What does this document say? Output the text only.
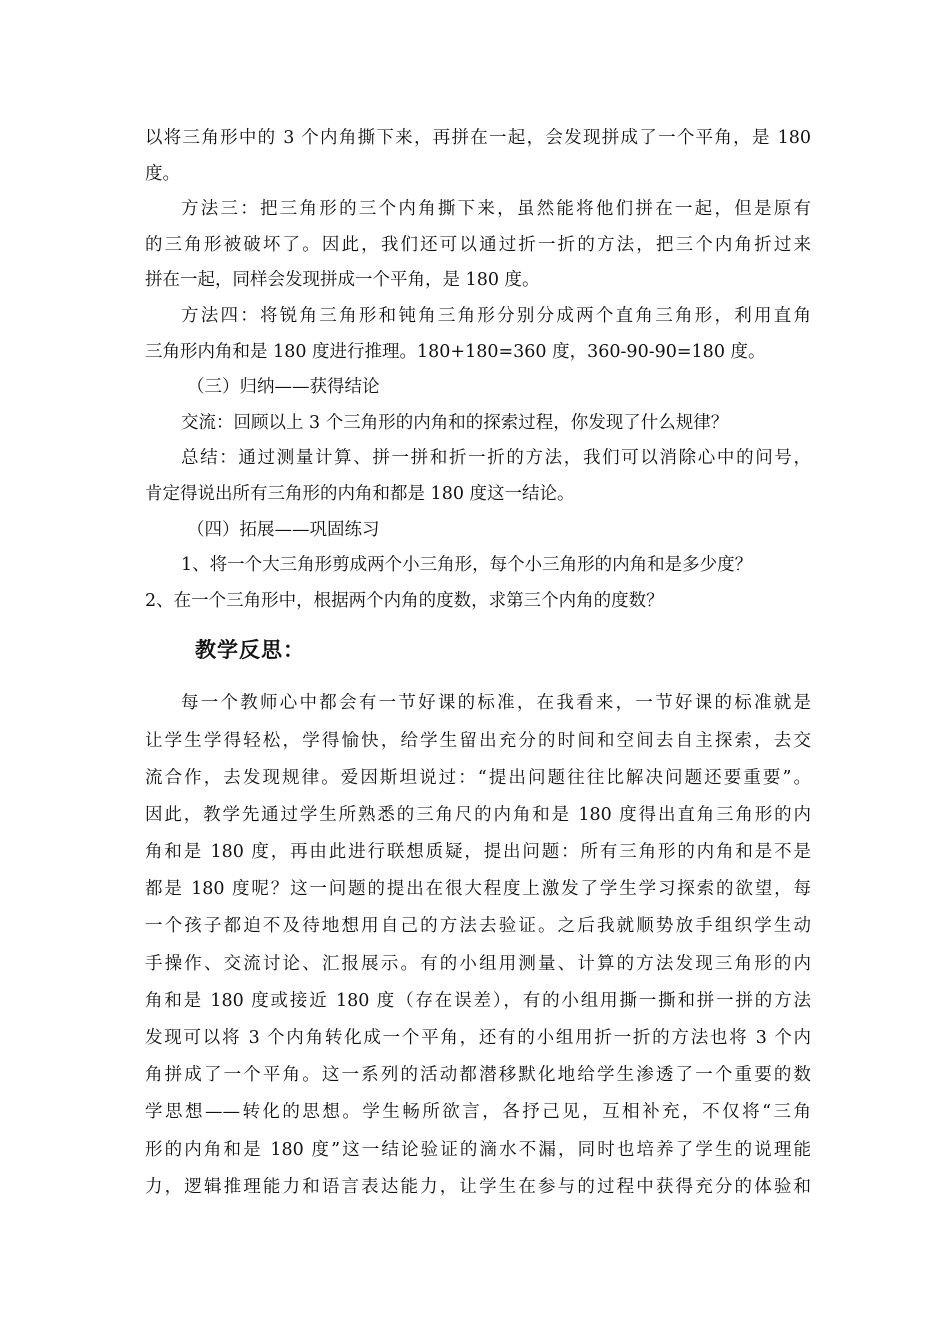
以将三角形中的 3 个内角撕下来，再拼在一起，会发现拼成了一个平角，是 180

度。

方法三：把三角形的三个内角撕下来，虽然能将他们拼在一起，但是原有

的三角形被破坏了。因此，我们还可以通过折一折的方法，把三个内角折过来

拼在一起，同样会发现拼成一个平角，是 180 度。

方法四：将锐角三角形和钝角三角形分别分成两个直角三角形，利用直角

三角形内角和是 180 度进行推理。180+180=360 度，360-90-90=180 度。

（三）归纳——获得结论

交流：回顾以上 3 个三角形的内角和的探索过程，你发现了什么规律？

总结：通过测量计算、拼一拼和折一折的方法，我们可以消除心中的问号，

肯定得说出所有三角形的内角和都是 180 度这一结论。

（四）拓展——巩固练习

1、将一个大三角形剪成两个小三角形，每个小三角形的内角和是多少度？

2、在一个三角形中，根据两个内角的度数，求第三个内角的度数？

教学反思：

每一个教师心中都会有一节好课的标准，在我看来，一节好课的标准就是

让学生学得轻松，学得愉快，给学生留出充分的时间和空间去自主探索，去交

流合作，去发现规律。爱因斯坦说过：“提出问题往往比解决问题还要重要”。

因此，教学先通过学生所熟悉的三角尺的内角和是 180 度得出直角三角形的内

角和是 180 度，再由此进行联想质疑，提出问题：所有三角形的内角和是不是

都是 180 度呢？这一问题的提出在很大程度上激发了学生学习探索的欲望，每

一个孩子都迫不及待地想用自己的方法去验证。之后我就顺势放手组织学生动

手操作、交流讨论、汇报展示。有的小组用测量、计算的方法发现三角形的内

角和是 180 度或接近 180 度（存在误差），有的小组用撕一撕和拼一拼的方法

发现可以将 3 个内角转化成一个平角，还有的小组用折一折的方法也将 3 个内

角拼成了一个平角。这一系列的活动都潜移默化地给学生渗透了一个重要的数

学思想——转化的思想。学生畅所欲言，各抒己见，互相补充，不仅将“三角

形的内角和是 180 度”这一结论验证的滴水不漏，同时也培养了学生的说理能

力，逻辑推理能力和语言表达能力，让学生在参与的过程中获得充分的体验和
